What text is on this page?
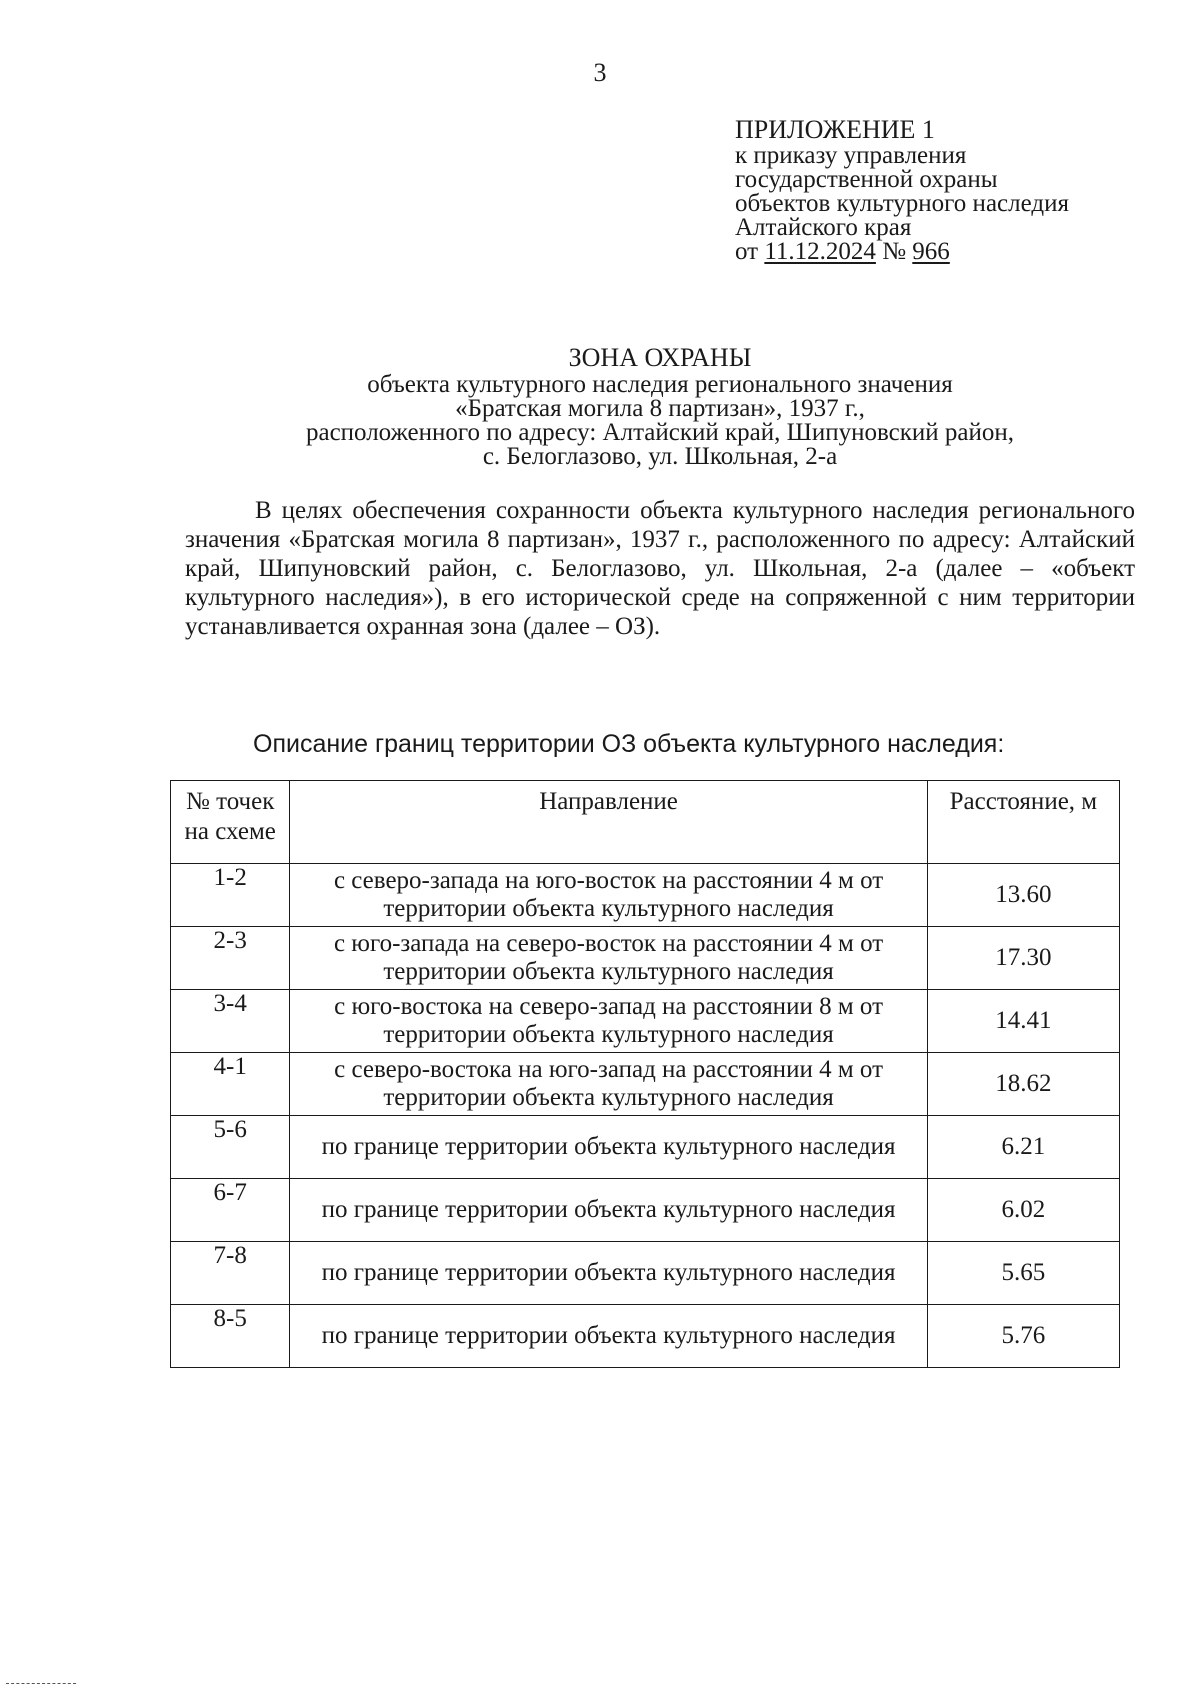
3
ПРИЛОЖЕНИЕ 1
к приказу управления
государственной охраны
объектов культурного наследия
Алтайского края
от 11.12.2024 № 966
ЗОНА ОХРАНЫ
объекта культурного наследия регионального значения
«Братская могила 8 партизан», 1937 г.,
расположенного по адресу: Алтайский край, Шипуновский район,
с. Белоглазово, ул. Школьная, 2-а

В целях обеспечения сохранности объекта культурного наследия регионального значения «Братская могила 8 партизан», 1937 г., расположенного по адресу: Алтайский край, Шипуновский район, с. Белоглазово, ул. Школьная, 2-а (далее – «объект культурного наследия»), в его исторической среде на сопряженной с ним территории устанавливается охранная зона (далее – ОЗ).

Описание границ территории ОЗ объекта культурного наследия:
№ точек на схеме	Направление	Расстояние, м
1-2	с северо-запада на юго-восток на расстоянии 4 м от территории объекта культурного наследия	13.60
2-3	с юго-запада на северо-восток на расстоянии 4 м от территории объекта культурного наследия	17.30
3-4	с юго-востока на северо-запад на расстоянии 8 м от территории объекта культурного наследия	14.41
4-1	с северо-востока на юго-запад на расстоянии 4 м от территории объекта культурного наследия	18.62
5-6	по границе территории объекта культурного наследия	6.21
6-7	по границе территории объекта культурного наследия	6.02
7-8	по границе территории объекта культурного наследия	5.65
8-5	по границе территории объекта культурного наследия	5.76
